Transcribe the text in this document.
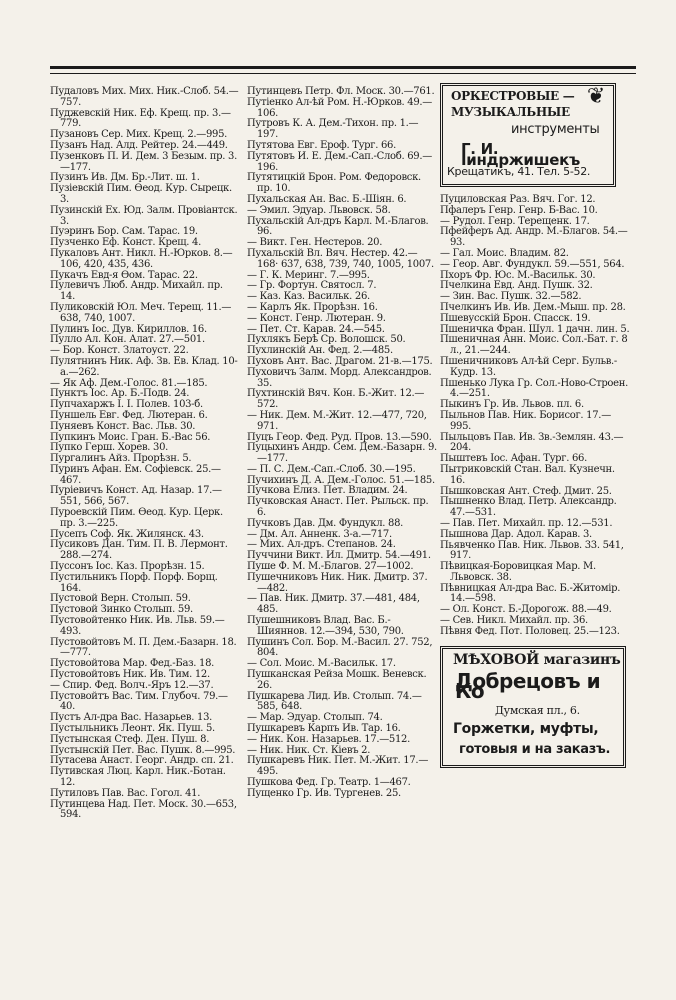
Пудаловъ Мих. Мих. Ник.-Слоб. 54.—757.
Пуджевскій Ник. Еф. Крещ. пр. 3.—779.
Пузановъ Сер. Мих. Крещ. 2.—995.
Пузанъ Над. Алд. Рейтер. 24.—449.
Пузенковъ П. И. Дем. 3 Безым. пр. 3.—177.
Пузинъ Ив. Дм. Бр.-Лит. ш. 1.
Пузіевскій Пим. Өеод. Кур. Сырецк. 3.
Пузинскій Ех. Юд. Залм. Провіантск. 3.
Пуэринъ Бор. Сам. Тарас. 19.
Пузченко Еф. Конст. Крещ. 4.
Пукаловъ Ант. Никл. Н.-Юрков. 8.—106, 420, 435, 436.
Пукачъ Евд-я Өом. Тарас. 22.
Пулевичъ Люб. Андр. Михайл. пр. 14.
Пуликовскій Юл. Меч. Терещ. 11.—638, 740, 1007.
Пулинъ Іос. Дув. Кириллов. 16.
Пулло Ал. Кон. Алат. 27.—501.
— Бор. Конст. Златоуст. 22.
Пулятнинъ Ник. Аф. Зв. Ев. Клад. 10-а.—262.
— Як Аф. Дем.-Голос. 81.—185.
Пунктъ Іос. Ар. Б.-Подв. 24.
Пупчахаржъ І. І. Полев. 103-б.
Пуншель Евг. Фед. Лютеран. 6.
Пуняевъ Конст. Вас. Льв. 30.
Пупкинъ Моис. Гран. Б.-Вас 56.
Пупко Герш. Хорев. 30.
Пургалинъ Айз. Прорѣзн. 5.
Пуринъ Афан. Ем. Софіевск. 25.—467.
Пуріевичъ Конст. Ад. Назар. 17.—551, 566, 567.
Пуроевскій Пим. Өеод. Кур. Церк. пр. 3.—225.
Пусепъ Соф. Як. Жилянск. 43.
Пусиковъ Дан. Тим. П. В. Лермонт. 288.—274.
Пуссонъ Іос. Каз. Прорѣзн. 15.
Пустильникъ Порф. Порф. Борщ. 164.
Пустовой Верн. Столып. 59.
Пустовой Зинко Столып. 59.
Пустовойтенко Ник. Ив. Льв. 59.—493.
Пустовойтовъ М. П. Дем.-Базарн. 18.—777.
Пустовойтова Мар. Фед.-Баз. 18.
Пустовойтовъ Ник. Ив. Тим. 12.
— Спир. Фед. Волч.-Яръ 12.—37.
Пустовойтъ Вас. Тим. Глубоч. 79.—40.
Пустъ Ал-дра Вас. Назарьев. 13.
Пустыльникъ Леонт. Як. Пуш. 5.
Пустынская Стеф. Ден. Пуш. 8.
Пустынскій Пет. Вас. Пушк. 8.—995.
Путасева Анаст. Георг. Андр. сп. 21.
Путивская Люц. Карл. Ник.-Ботан. 12.
Путиловъ Пав. Вас. Гогол. 41.
Путинцева Над. Пет. Моск. 30.—653, 594.
Путинцевъ Петр. Фл. Моск. 30.—761.
Путіенко Ал-ѣй Ром. Н.-Юрков. 49.—106.
Путровъ К. А. Дем.-Тихон. пр. 1.—197.
Путятова Евг. Ероф. Тург. 66.
Путятовъ И. Е. Дем.-Сап.-Слоб. 69.—196.
Путятицкій Брон. Ром. Федоровск. пр. 10.
Пухальская Ан. Вас. Б.-Шіян. 6.
— Эмил. Эдуар. Львовск. 58.
Пухальскій Ал-дръ Карл. М.-Благов. 96.
— Викт. Ген. Нестеров. 20.
Пухальскій Вл. Вяч. Нестер. 42.—168· 637, 638, 739, 740, 1005, 1007.
— Г. К. Меринг. 7.—995.
— Гр. Фортун. Святосл. 7.
— Каз. Каз. Васильк. 26.
— Карлъ Як. Прорѣзн. 16.
— Конст. Генр. Лютеран. 9.
— Пет. Ст. Карав. 24.—545.
Пухлякъ Берѣ Ср. Волошск. 50.
Пухлинскій Ан. Фед. 2.—485.
Пуховъ Ант. Вас. Драгом. 21-в.—175.
Пуховичъ Залм. Морд. Александров. 35.
Пухтинскій Вяч. Кон. Б.-Жит. 12.—572.
— Ник. Дем. М.-Жит. 12.—477, 720, 971.
Пуцъ Геор. Фед. Руд. Пров. 13.—590.
Пуцыхинъ Андр. Сем. Дем.-Базарн. 9.—177.
— П. С. Дем.-Сап.-Слоб. 30.—195.
Пучихинъ Д. А. Дем.-Голос. 51.—185.
Пучкова Елиз. Пет. Владим. 24.
Пучковская Анаст. Пет. Рыльск. пр. 6.
Пучковъ Дав. Дм. Фундукл. 88.
— Дм. Ал. Анненк. 3-а.—717.
— Мих. Ал-дръ. Степанов. 24.
Пуччини Викт. Ил. Дмитр. 54.—491.
Пуше Ф. М. М.-Благов. 27—1002.
Пушечниковъ Ник. Ник. Дмитр. 37.—482.
— Пав. Ник. Дмитр. 37.—481, 484, 485.
Пушешниковъ Влад. Вас. Б.-Шияннов. 12.—394, 530, 790.
Пушинъ Сол. Бор. М.-Васил. 27. 752, 804.
— Сол. Моис. М.-Васильк. 17.
Пушканская Рейза Мошк. Веневск. 26.
Пушкарева Лид. Ив. Столып. 74.—585, 648.
— Мар. Эдуар. Столып. 74.
Пушкаревъ Карпъ Ив. Тар. 16.
— Ник. Кон. Назарьев. 17.—512.
— Ник. Ник. Ст. Кіевъ 2.
Пушкаревъ Ник. Пет. М.-Жит. 17.—495.
Пушкова Фед. Гр. Театр. 1—467.
Пущенко Гр. Ив. Тургенев. 25.
ОРКЕСТРОВЫЕ —
МУЗЫКАЛЬНЫЕ
❦
инструменты
Г. И. Іиндржишекъ
Крещатикъ, 41. Тел. 5-52.
Пуциловская Раз. Вяч. Гог. 12.
Пфалеръ Генр. Генр. Б-Вас. 10.
— Рудол. Генр. Терещенк. 17.
Пфейферъ Ад. Андр. М.-Благов. 54.—93.
— Гал. Моис. Владим. 82.
— Геор. Авг. Фундукл. 59.—551, 564.
Пхоръ Фр. Юс. М.-Васильк. 30.
Пчелкина Евд. Анд. Пушк. 32.
— Зин. Вас. Пушк. 32.—582.
Пчелкинъ Ив. Ив. Дем.-Мыш. пр. 28.
Пшевусскій Брон. Спасск. 19.
Пшеничка Фран. Шул. 1 дачн. лин. 5.
Пшеничная Анн. Моис. Сол.-Бат. г. 8 л., 21.—244.
Пшеничниковъ Ал-ѣй Серг. Бульв.-Кудр. 13.
Пшенько Лука Гр. Сол.-Ново-Строен. 4.—251.
Пыкинъ Гр. Ив. Львов. пл. 6.
Пыльнов Пав. Ник. Борисог. 17.—995.
Пыльцовъ Пав. Ив. Зв.-Землян. 43.—204.
Пыштевъ Іос. Афан. Тург. 66.
Пытриковскій Стан. Вал. Кузнечн. 16.
Пышковская Ант. Стеф. Дмит. 25.
Пышненко Влад. Петр. Александр. 47.—531.
— Пав. Пет. Михайл. пр. 12.—531.
Пышнова Дар. Адол. Карав. 3.
Пьявченко Пав. Ник. Львов. 33. 541, 917.
Пѣвицкая-Боровицкая Мар. М. Львовск. 38.
Пѣвницкая Ал-дра Вас. Б.-Житомір. 14.—598.
— Ол. Конст. Б.-Дорогож. 88.—49.
— Сев. Никл. Михайл. пр. 36.
Пѣвня Фед. Пот. Половец. 25.—123.
МѢХОВОЙ магазинъ
Добрецовъ и Ко
Думская пл., 6.
Горжетки, муфты,
готовыя и на заказъ.
